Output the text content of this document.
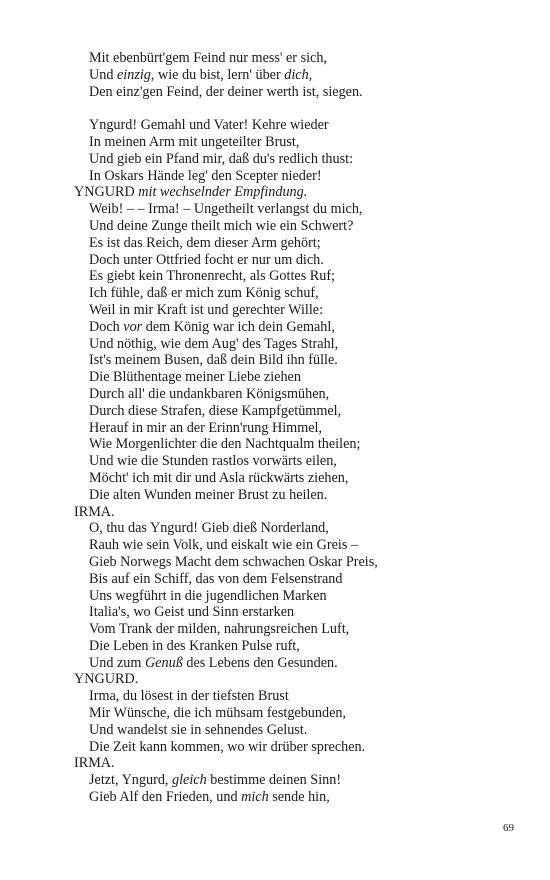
Mit ebenbürt'gem Feind nur mess' er sich,
Und einzig, wie du bist, lern' über dich,
Den einz'gen Feind, der deiner werth ist, siegen.
Yngurd! Gemahl und Vater! Kehre wieder
In meinen Arm mit ungeteilter Brust,
Und gieb ein Pfand mir, daß du's redlich thust:
In Oskars Hände leg' den Scepter nieder!
YNGURD mit wechselnder Empfindung.
Weib! – – Irma! – Ungetheilt verlangst du mich,
Und deine Zunge theilt mich wie ein Schwert?
Es ist das Reich, dem dieser Arm gehört;
Doch unter Ottfried focht er nur um dich.
Es giebt kein Thronenrecht, als Gottes Ruf;
Ich fühle, daß er mich zum König schuf,
Weil in mir Kraft ist und gerechter Wille:
Doch vor dem König war ich dein Gemahl,
Und nöthig, wie dem Aug' des Tages Strahl,
Ist's meinem Busen, daß dein Bild ihn fülle.
Die Blüthentage meiner Liebe ziehen
Durch all' die undankbaren Königsmühen,
Durch diese Strafen, diese Kampfgetümmel,
Herauf in mir an der Erinn'rung Himmel,
Wie Morgenlichter die den Nachtqualm theilen;
Und wie die Stunden rastlos vorwärts eilen,
Möcht' ich mit dir und Asla rückwärts ziehen,
Die alten Wunden meiner Brust zu heilen.
IRMA.
O, thu das Yngurd! Gieb dieß Norderland,
Rauh wie sein Volk, und eiskalt wie ein Greis –
Gieb Norwegs Macht dem schwachen Oskar Preis,
Bis auf ein Schiff, das von dem Felsenstrand
Uns wegführt in die jugendlichen Marken
Italia's, wo Geist und Sinn erstarken
Vom Trank der milden, nahrungsreichen Luft,
Die Leben in des Kranken Pulse ruft,
Und zum Genuß des Lebens den Gesunden.
YNGURD.
Irma, du lösest in der tiefsten Brust
Mir Wünsche, die ich mühsam festgebunden,
Und wandelst sie in sehnendes Gelust.
Die Zeit kann kommen, wo wir drüber sprechen.
IRMA.
Jetzt, Yngurd, gleich bestimme deinen Sinn!
Gieb Alf den Frieden, und mich sende hin,
69
